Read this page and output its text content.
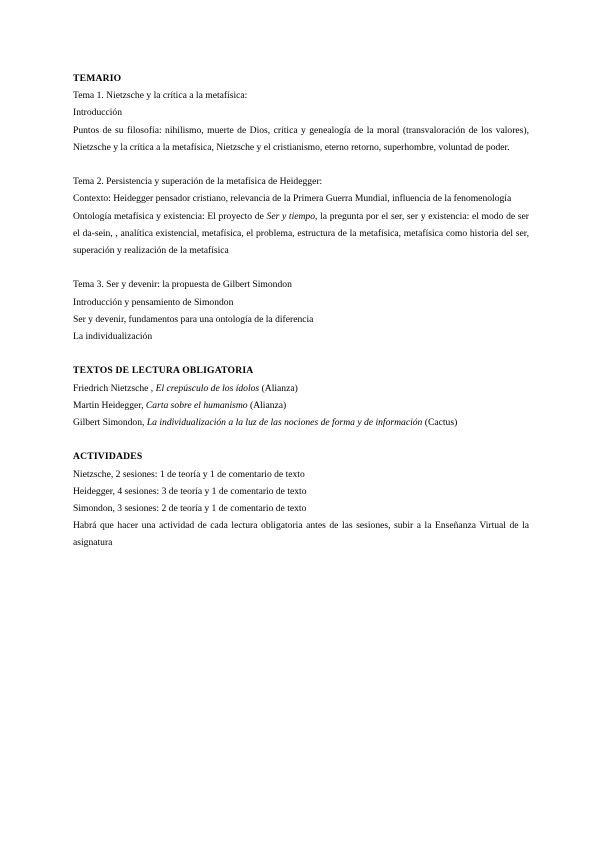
TEMARIO
Tema 1. Nietzsche y la crítica a la metafísica:
Introducción
Puntos de su filosofía: nihilismo, muerte de Dios, crítica y genealogía de la moral (transvaloración de los valores), Nietzsche y la crítica a la metafísica, Nietzsche y el cristianismo, eterno retorno, superhombre, voluntad de poder.
Tema 2. Persistencia y superación de la metafísica de Heidegger:
Contexto: Heidegger pensador cristiano, relevancia de la Primera Guerra Mundial, influencia de la fenomenología
Ontología metafísica y existencia: El proyecto de Ser y tiempo, la pregunta por el ser, ser y existencia: el modo de ser el da-sein, , analítica existencial, metafísica, el problema, estructura de la metafísica, metafísica como historia del ser, superación y realización de la metafísica
Tema 3. Ser y devenir: la propuesta de Gilbert Simondon
Introducción y pensamiento de Simondon
Ser y devenir, fundamentos para una ontología de la diferencia
La individualización
TEXTOS DE LECTURA OBLIGATORIA
Friedrich Nietzsche , El crepúsculo de los ídolos (Alianza)
Martin Heidegger, Carta sobre el humanismo (Alianza)
Gilbert Simondon, La individualización a la luz de las nociones de forma y de información (Cactus)
ACTIVIDADES
Nietzsche, 2 sesiones: 1 de teoría y 1 de comentario de texto
Heidegger, 4 sesiones: 3 de teoría y 1 de comentario de texto
Simondon, 3 sesiones: 2 de teoría y 1 de comentario de texto
Habrá que hacer una actividad de cada lectura obligatoria antes de las sesiones, subir a la Enseñanza Virtual de la asignatura
